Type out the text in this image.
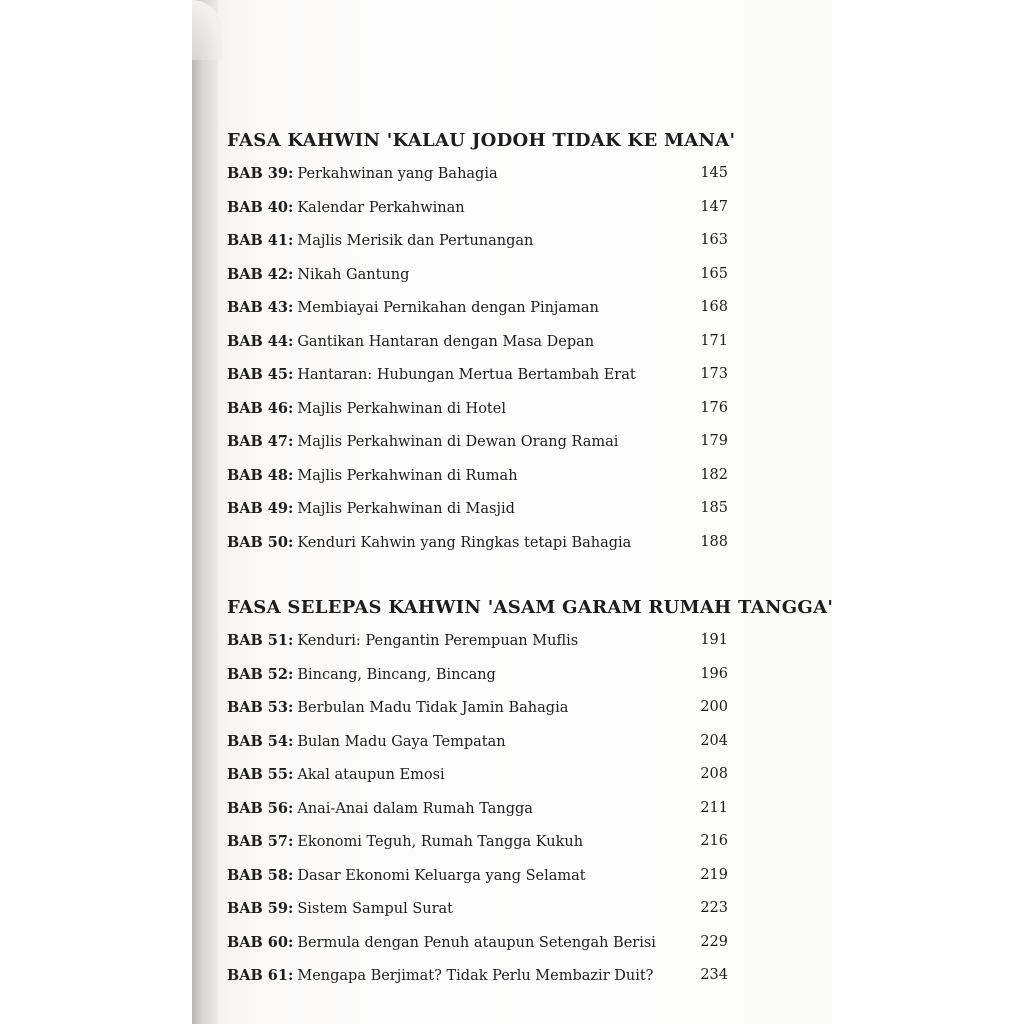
FASA KAHWIN 'KALAU JODOH TIDAK KE MANA'
BAB 39: Perkahwinan yang Bahagia	145
BAB 40: Kalendar Perkahwinan	147
BAB 41: Majlis Merisik dan Pertunangan	163
BAB 42: Nikah Gantung	165
BAB 43: Membiayai Pernikahan dengan Pinjaman	168
BAB 44: Gantikan Hantaran dengan Masa Depan	171
BAB 45: Hantaran: Hubungan Mertua Bertambah Erat	173
BAB 46: Majlis Perkahwinan di Hotel	176
BAB 47: Majlis Perkahwinan di Dewan Orang Ramai	179
BAB 48: Majlis Perkahwinan di Rumah	182
BAB 49: Majlis Perkahwinan di Masjid	185
BAB 50: Kenduri Kahwin yang Ringkas tetapi Bahagia	188
FASA SELEPAS KAHWIN 'ASAM GARAM RUMAH TANGGA'
BAB 51: Kenduri: Pengantin Perempuan Muflis	191
BAB 52: Bincang, Bincang, Bincang	196
BAB 53: Berbulan Madu Tidak Jamin Bahagia	200
BAB 54: Bulan Madu Gaya Tempatan	204
BAB 55: Akal ataupun Emosi	208
BAB 56: Anai-Anai dalam Rumah Tangga	211
BAB 57: Ekonomi Teguh, Rumah Tangga Kukuh	216
BAB 58: Dasar Ekonomi Keluarga yang Selamat	219
BAB 59: Sistem Sampul Surat	223
BAB 60: Bermula dengan Penuh ataupun Setengah Berisi	229
BAB 61: Mengapa Berjimat? Tidak Perlu Membazir Duit?	234
